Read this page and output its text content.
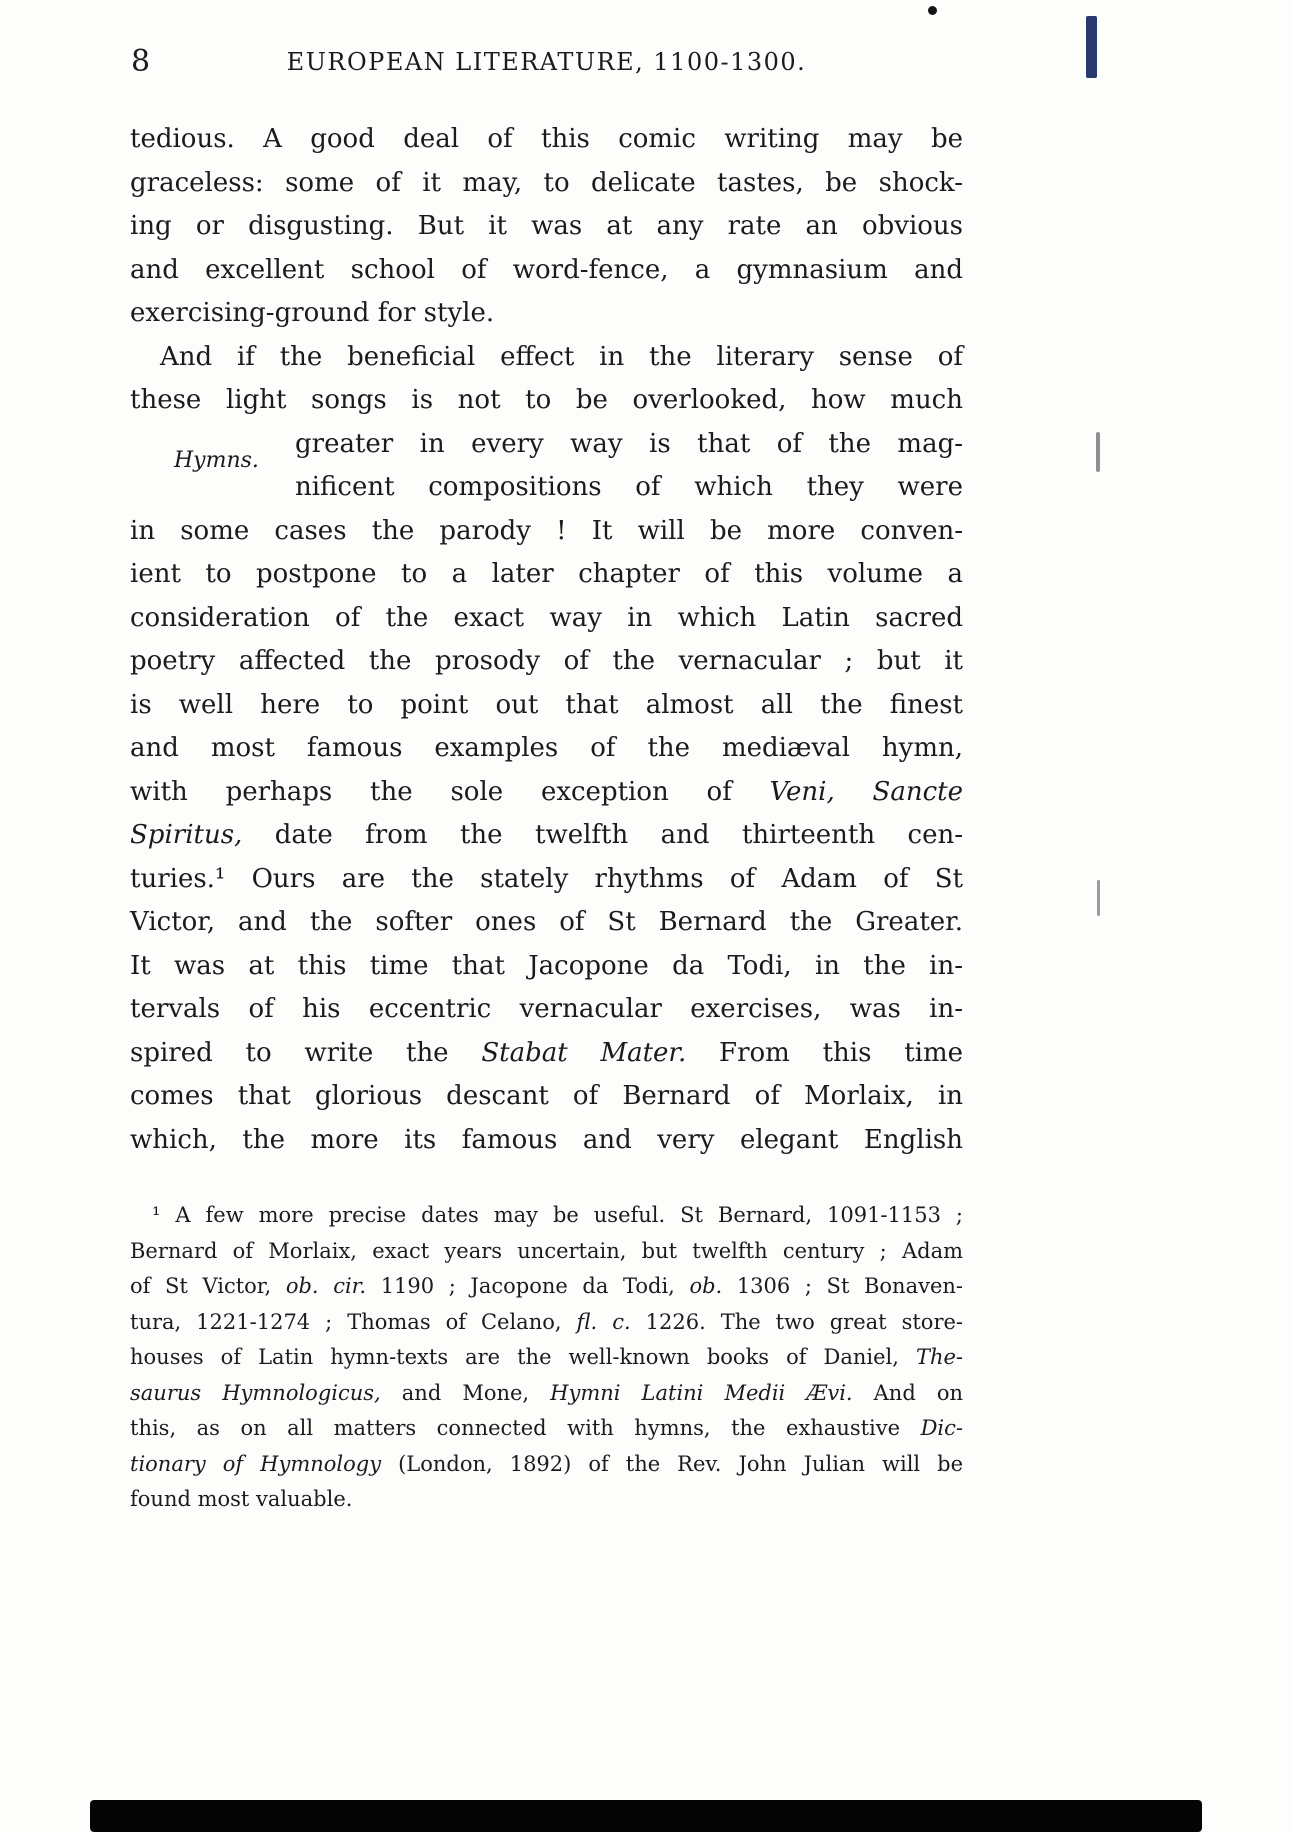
8	EUROPEAN LITERATURE, 1100-1300.
Hymns.
tedious. A good deal of this comic writing may be
graceless: some of it may, to delicate tastes, be shock-
ing or disgusting. But it was at any rate an obvious
and excellent school of word-fence, a gymnasium and
exercising-ground for style.
And if the beneficial effect in the literary sense of
these light songs is not to be overlooked, how much
greater in every way is that of the mag-
nificent compositions of which they were
in some cases the parody ! It will be more conven-
ient to postpone to a later chapter of this volume a
consideration of the exact way in which Latin sacred
poetry affected the prosody of the vernacular ; but it
is well here to point out that almost all the finest
and most famous examples of the mediæval hymn,
with perhaps the sole exception of Veni, Sancte
Spiritus, date from the twelfth and thirteenth cen-
turies.¹ Ours are the stately rhythms of Adam of St
Victor, and the softer ones of St Bernard the Greater.
It was at this time that Jacopone da Todi, in the in-
tervals of his eccentric vernacular exercises, was in-
spired to write the Stabat Mater. From this time
comes that glorious descant of Bernard of Morlaix, in
which, the more its famous and very elegant English
¹ A few more precise dates may be useful. St Bernard, 1091-1153 ;
Bernard of Morlaix, exact years uncertain, but twelfth century ; Adam
of St Victor, ob. cir. 1190 ; Jacopone da Todi, ob. 1306 ; St Bonaven-
tura, 1221-1274 ; Thomas of Celano, fl. c. 1226. The two great store-
houses of Latin hymn-texts are the well-known books of Daniel, The-
saurus Hymnologicus, and Mone, Hymni Latini Medii Ævi. And on
this, as on all matters connected with hymns, the exhaustive Dic-
tionary of Hymnology (London, 1892) of the Rev. John Julian will be
found most valuable.
